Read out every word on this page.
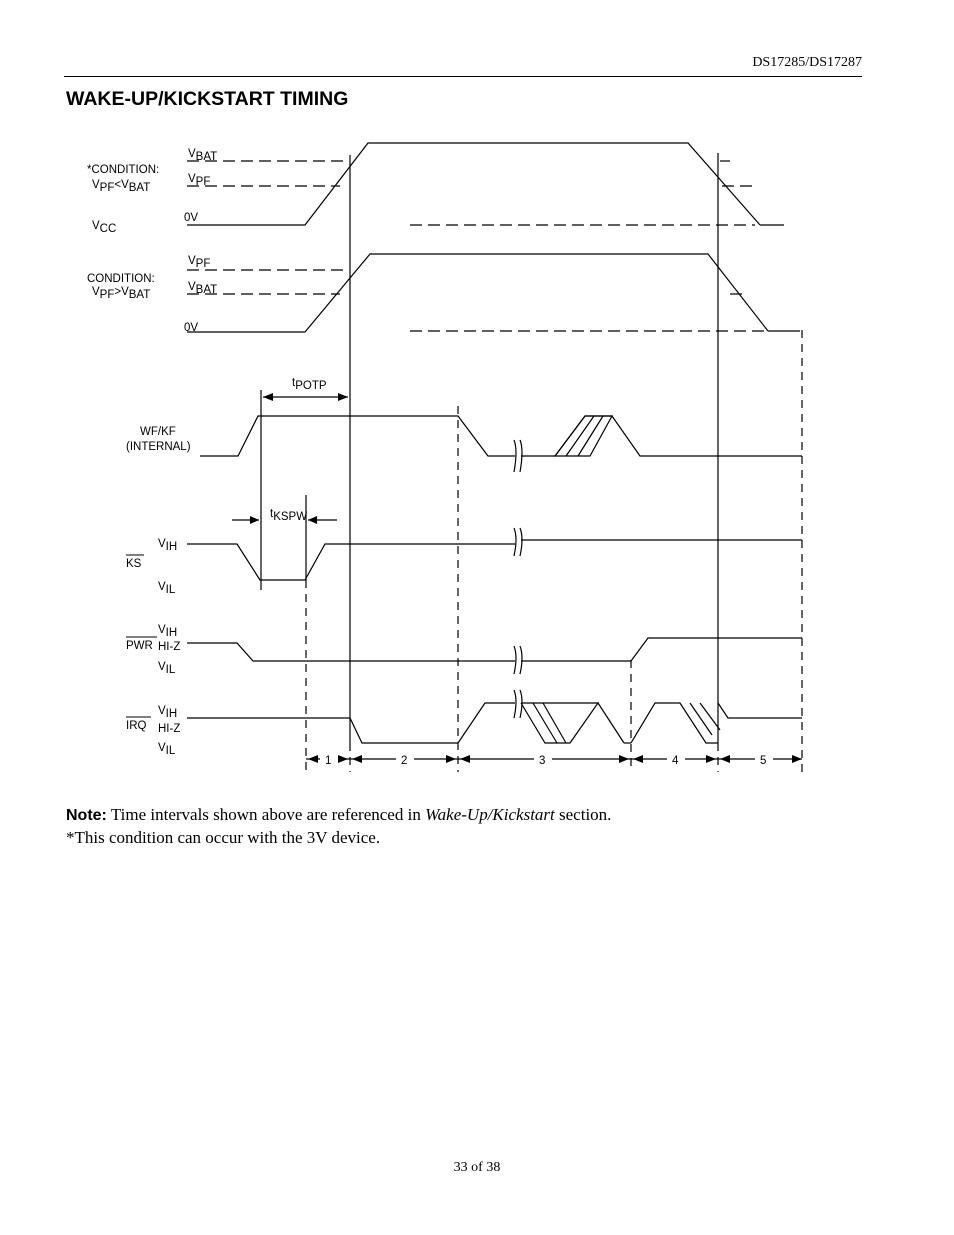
DS17285/DS17287
WAKE-UP/KICKSTART TIMING
*CONDITION:
VPF<VBAT
VBAT
VPF
VCC
0V
CONDITION:
VPF>VBAT
VPF
VBAT
0V
tPOTP
tKSPW
WF/KF
(INTERNAL)
VIH
KS
VIL
VIH
PWR HI-Z
VIL
VIH
IRQ HI-Z
VIL
1	2	3	4	5
Note: Time intervals shown above are referenced in Wake-Up/Kickstart section.
*This condition can occur with the 3V device.
33 of 38
